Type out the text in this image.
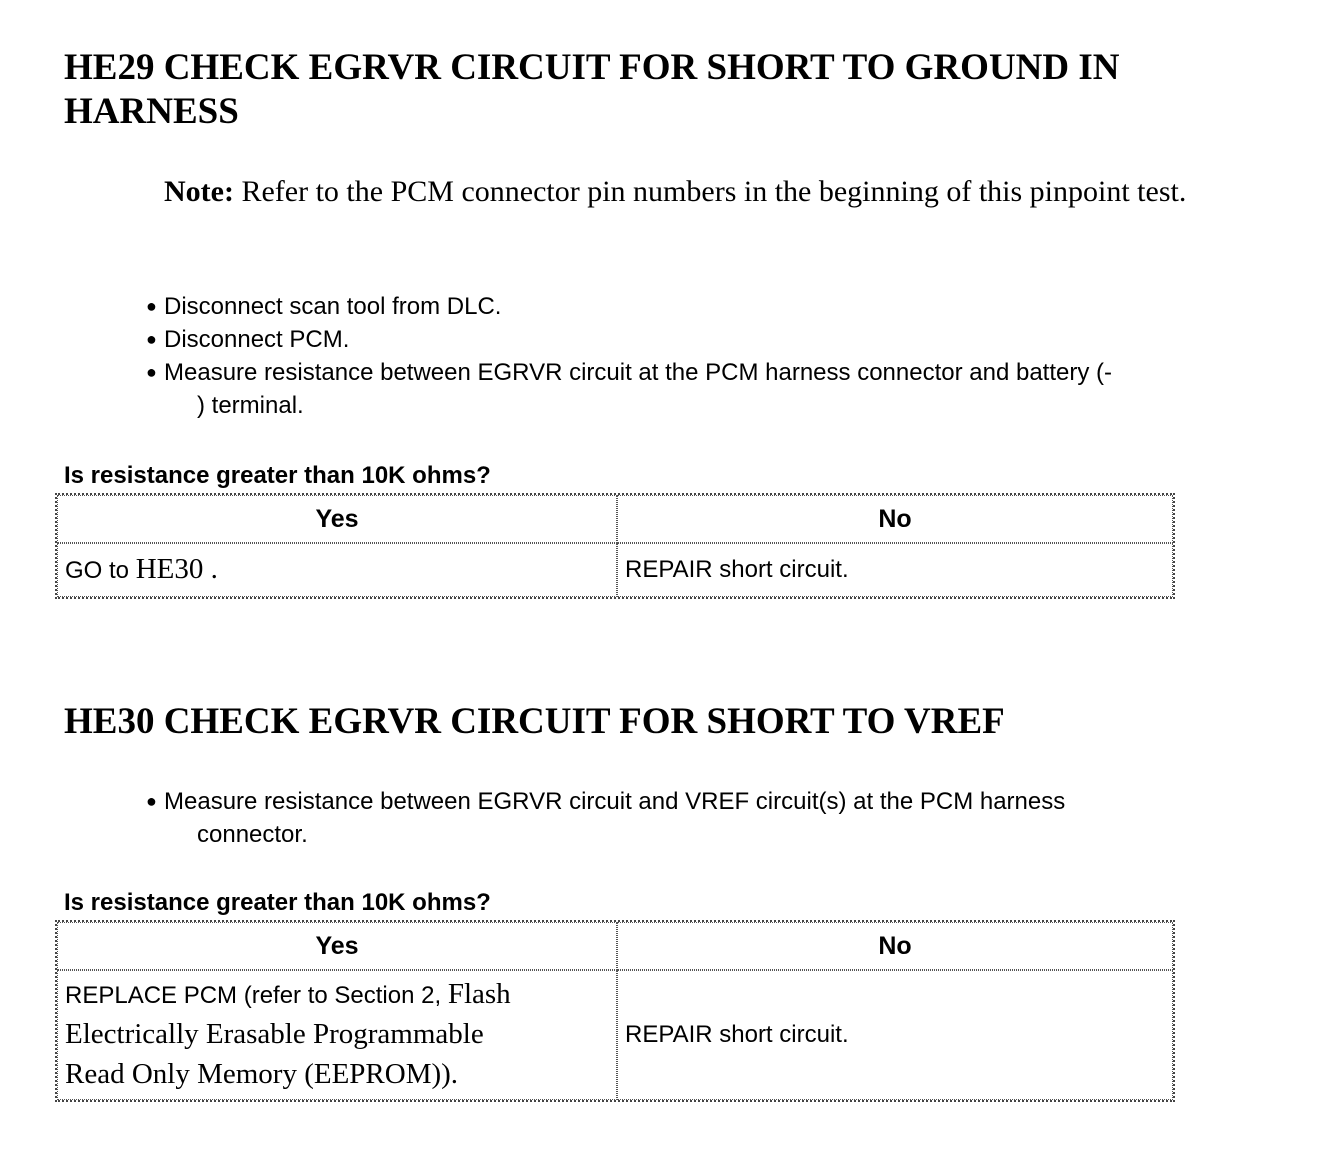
HE29 CHECK EGRVR CIRCUIT FOR SHORT TO GROUND IN
HARNESS

Note: Refer to the PCM connector pin numbers in the beginning of this pinpoint test.

● Disconnect scan tool from DLC.
● Disconnect PCM.
● Measure resistance between EGRVR circuit at the PCM harness connector and battery (-
) terminal.

Is resistance greater than 10K ohms?

Yes	No
GO to HE30 .	REPAIR short circuit.
HE30 CHECK EGRVR CIRCUIT FOR SHORT TO VREF
● Measure resistance between EGRVR circuit and VREF circuit(s) at the PCM harness
connector.

Is resistance greater than 10K ohms?

Yes	No
REPLACE PCM (refer to Section 2, Flash
Electrically Erasable Programmable
Read Only Memory (EEPROM)).	REPAIR short circuit.
